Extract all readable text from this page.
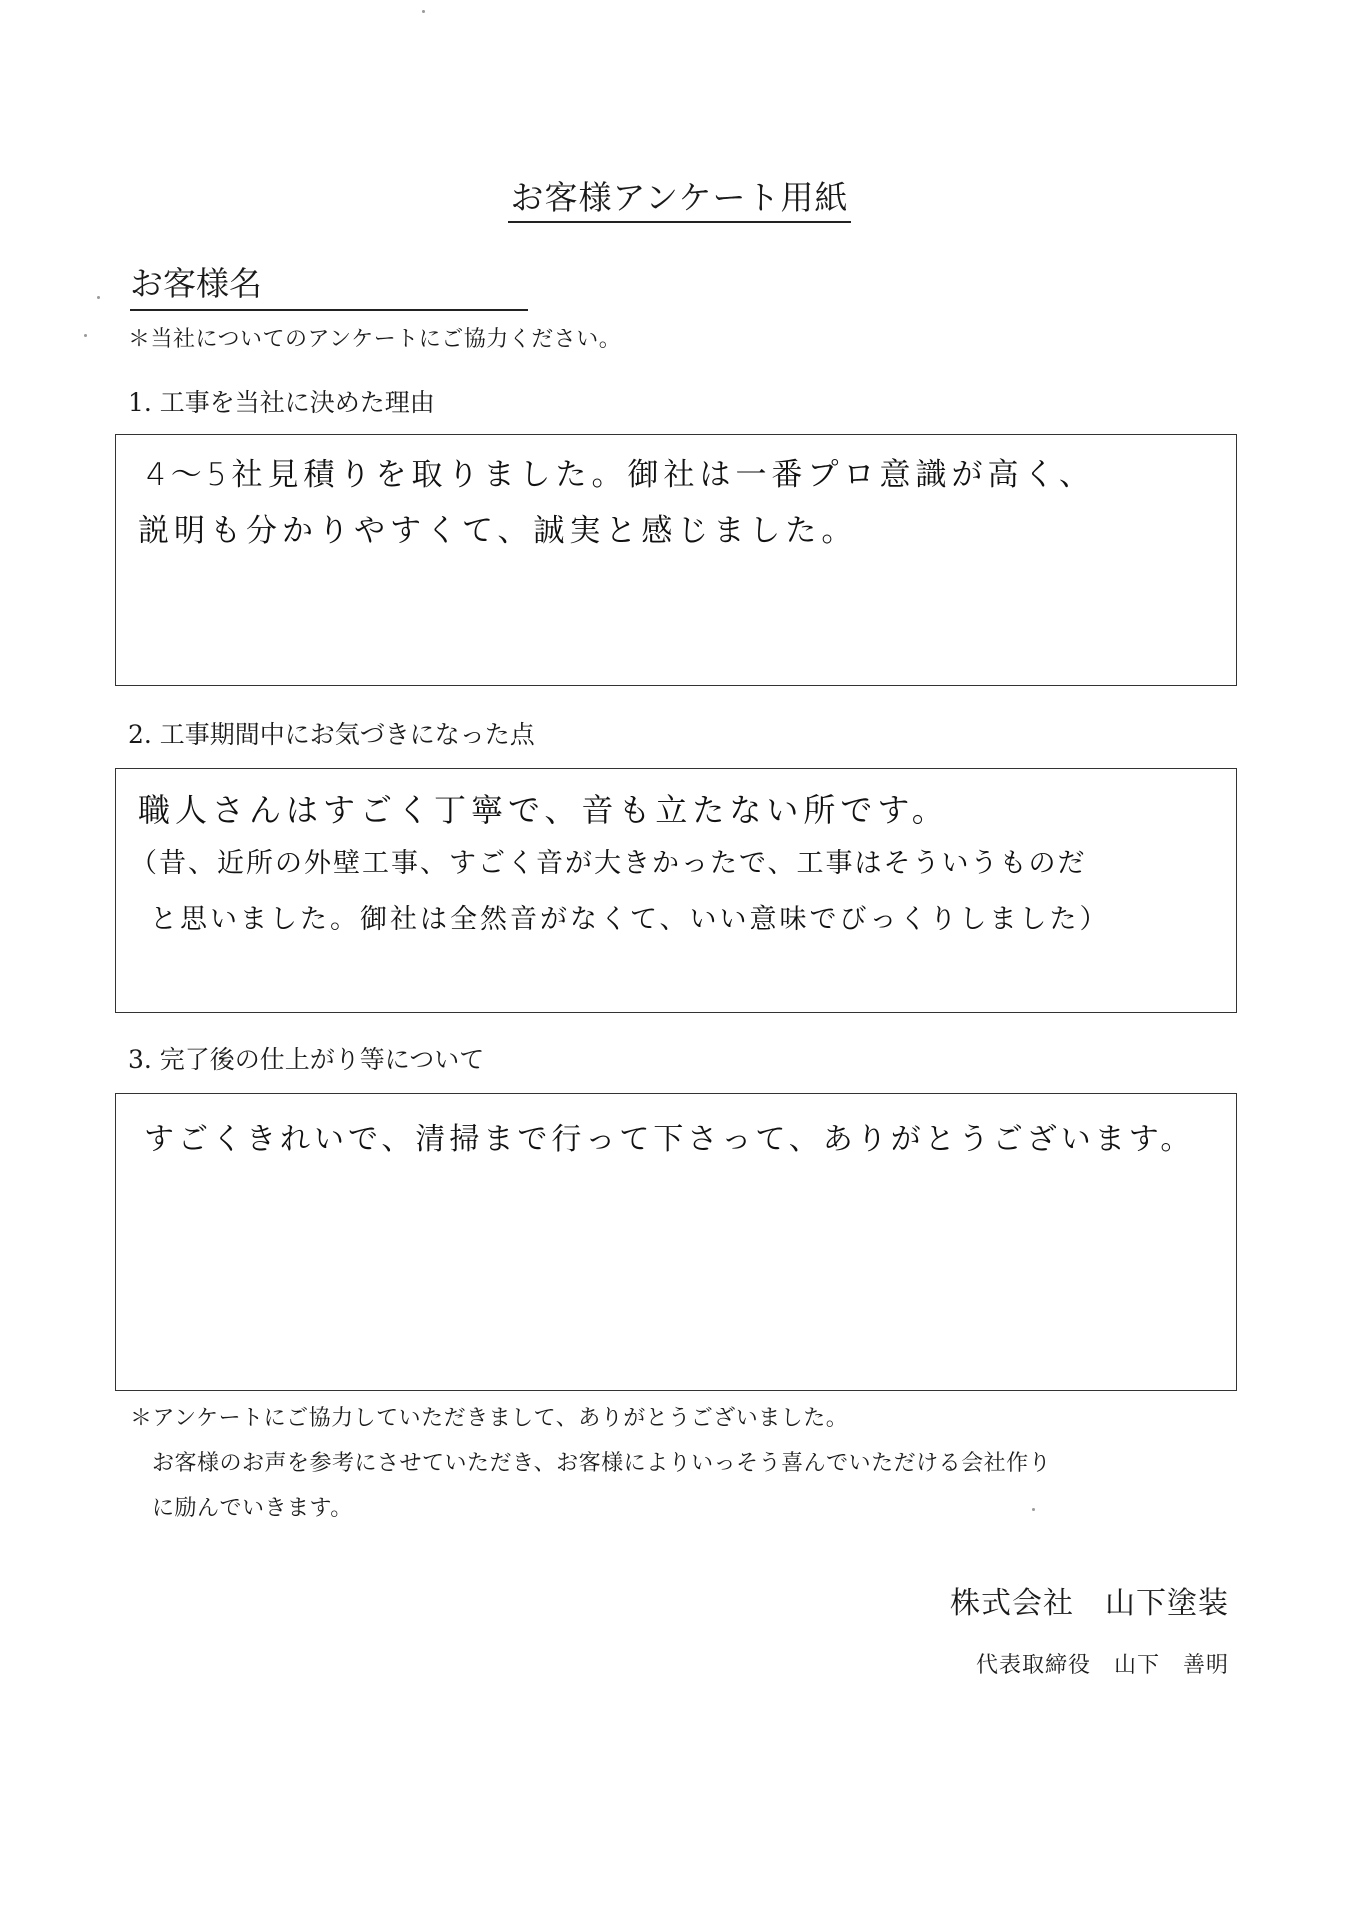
お客様アンケート用紙
お客様名
＊当社についてのアンケートにご協力ください。
1. 工事を当社に決めた理由
4～5社見積りを取りました。御社は一番プロ意識が高く、
説明も分かりやすくて、誠実と感じました。
2. 工事期間中にお気づきになった点
職人さんはすごく丁寧で、音も立たない所です。
（昔、近所の外壁工事、すごく音が大きかったで、工事はそういうものだ
と思いました。御社は全然音がなくて、いい意味でびっくりしました）
3. 完了後の仕上がり等について
すごくきれいで、清掃まで行って下さって、ありがとうございます。
＊アンケートにご協力していただきまして、ありがとうございました。
お客様のお声を参考にさせていただき、お客様によりいっそう喜んでいただける会社作り
に励んでいきます。
株式会社　山下塗装
代表取締役　山下　善明
